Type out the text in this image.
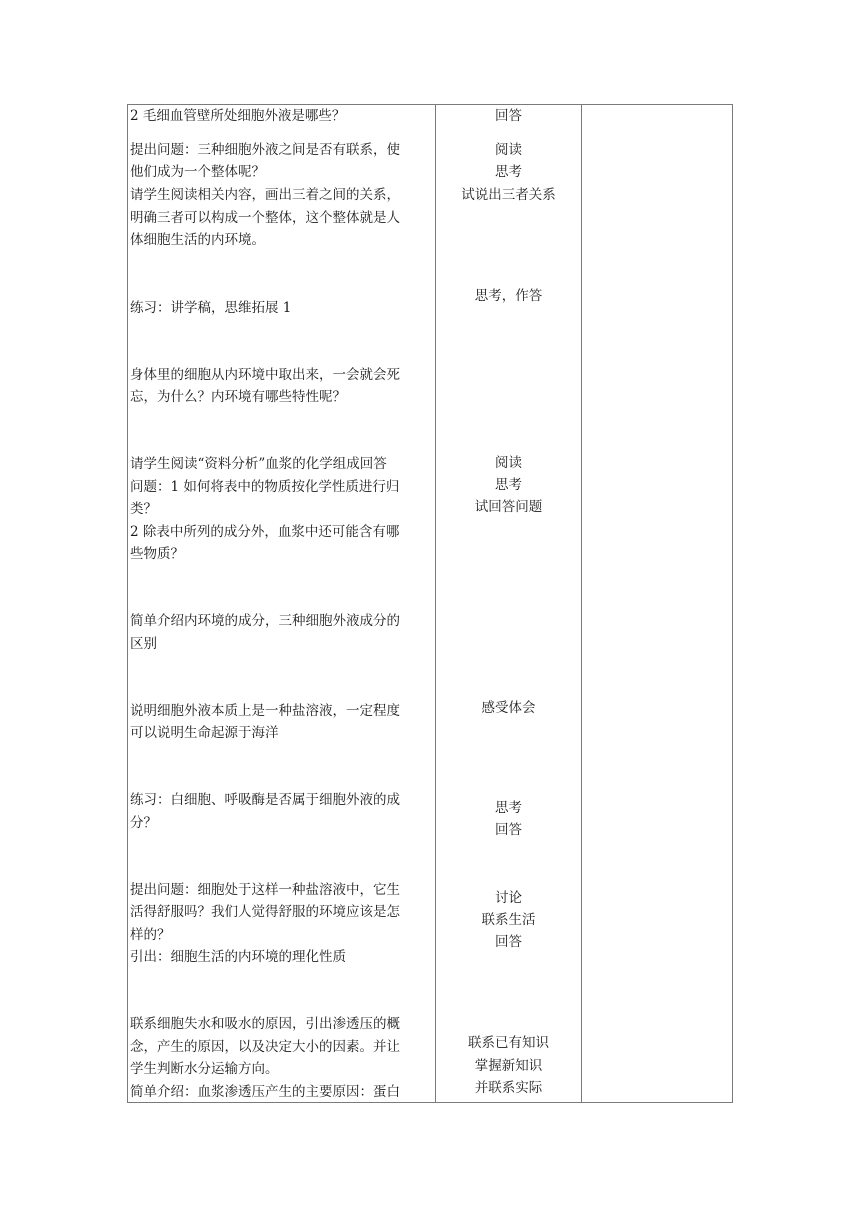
2 毛细血管壁所处细胞外液是哪些？
提出问题：三种细胞外液之间是否有联系，使
他们成为一个整体呢？
请学生阅读相关内容，画出三着之间的关系，
明确三者可以构成一个整体，这个整体就是人
体细胞生活的内环境。
练习：讲学稿，思维拓展 1
身体里的细胞从内环境中取出来，一会就会死
忘，为什么？内环境有哪些特性呢？
请学生阅读“资料分析”血浆的化学组成回答
问题：1 如何将表中的物质按化学性质进行归
类？
2 除表中所列的成分外，血浆中还可能含有哪
些物质？
简单介绍内环境的成分，三种细胞外液成分的
区别
说明细胞外液本质上是一种盐溶液，一定程度
可以说明生命起源于海洋
练习：白细胞、呼吸酶是否属于细胞外液的成
分？
提出问题：细胞处于这样一种盐溶液中，它生
活得舒服吗？我们人觉得舒服的环境应该是怎
样的？
引出：细胞生活的内环境的理化性质
联系细胞失水和吸水的原因，引出渗透压的概
念，产生的原因，以及决定大小的因素。并让
学生判断水分运输方向。
简单介绍：血浆渗透压产生的主要原因：蛋白
回答
阅读
思考
试说出三者关系
思考，作答
阅读
思考
试回答问题
感受体会
思考
回答
讨论
联系生活
回答
联系已有知识
掌握新知识
并联系实际
